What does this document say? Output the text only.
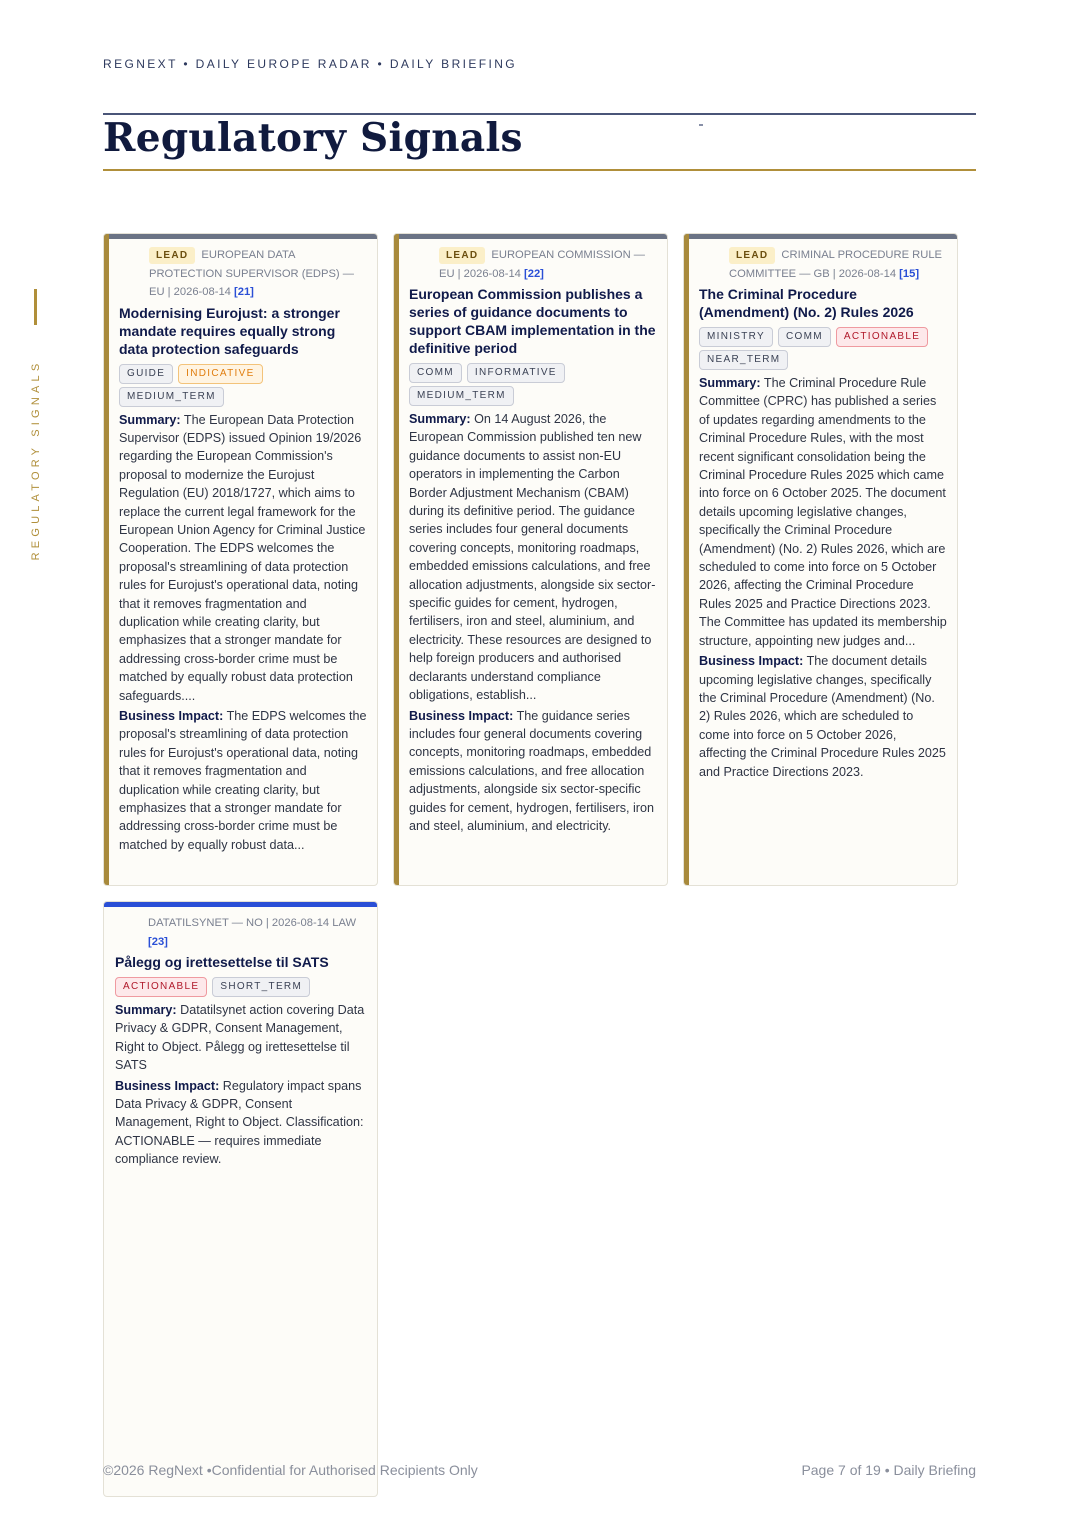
REGNEXT • DAILY EUROPE RADAR • DAILY BRIEFING
Regulatory Signals
REGULATORY SIGNALS
LEAD EUROPEAN DATA PROTECTION SUPERVISOR (EDPS) — EU | 2026-08-14 [21]
Modernising Eurojust: a stronger mandate requires equally strong data protection safeguards
GUIDE INDICATIVEMEDIUM_TERM
Summary: The European Data Protection Supervisor (EDPS) issued Opinion 19/2026 regarding the European Commission's proposal to modernize the Eurojust Regulation (EU) 2018/1727, which aims to replace the current legal framework for the European Union Agency for Criminal Justice Cooperation. The EDPS welcomes the proposal's streamlining of data protection rules for Eurojust's operational data, noting that it removes fragmentation and duplication while creating clarity, but emphasizes that a stronger mandate for addressing cross-border crime must be matched by equally robust data protection safeguards....
Business Impact: The EDPS welcomes the proposal's streamlining of data protection rules for Eurojust's operational data, noting that it removes fragmentation and duplication while creating clarity, but emphasizes that a stronger mandate for addressing cross-border crime must be matched by equally robust data...
LEAD EUROPEAN COMMISSION — EU | 2026-08-14 [22]
European Commission publishes a series of guidance documents to support CBAM implementation in the definitive period
COMM INFORMATIVEMEDIUM_TERM
Summary: On 14 August 2026, the European Commission published ten new guidance documents to assist non-EU operators in implementing the Carbon Border Adjustment Mechanism (CBAM) during its definitive period. The guidance series includes four general documents covering concepts, monitoring roadmaps, embedded emissions calculations, and free allocation adjustments, alongside six sector-specific guides for cement, hydrogen, fertilisers, iron and steel, aluminium, and electricity. These resources are designed to help foreign producers and authorised declarants understand compliance obligations, establish...
Business Impact: The guidance series includes four general documents covering concepts, monitoring roadmaps, embedded emissions calculations, and free allocation adjustments, alongside six sector-specific guides for cement, hydrogen, fertilisers, iron and steel, aluminium, and electricity.
LEAD CRIMINAL PROCEDURE RULE COMMITTEE — GB | 2026-08-14 [15]
The Criminal Procedure (Amendment) (No. 2) Rules 2026
MINISTRY COMM ACTIONABLENEAR_TERM
Summary: The Criminal Procedure Rule Committee (CPRC) has published a series of updates regarding amendments to the Criminal Procedure Rules, with the most recent significant consolidation being the Criminal Procedure Rules 2025 which came into force on 6 October 2025. The document details upcoming legislative changes, specifically the Criminal Procedure (Amendment) (No. 2) Rules 2026, which are scheduled to come into force on 5 October 2026, affecting the Criminal Procedure Rules 2025 and Practice Directions 2023. The Committee has updated its membership structure, appointing new judges and...
Business Impact: The document details upcoming legislative changes, specifically the Criminal Procedure (Amendment) (No. 2) Rules 2026, which are scheduled to come into force on 5 October 2026, affecting the Criminal Procedure Rules 2025 and Practice Directions 2023.
DATATILSYNET — NO | 2026-08-14 LAW [23]
Pålegg og irettesettelse til SATS
ACTIONABLE SHORT_TERM
Summary: Datatilsynet action covering Data Privacy & GDPR, Consent Management, Right to Object. Pålegg og irettesettelse til SATS
Business Impact: Regulatory impact spans Data Privacy & GDPR, Consent Management, Right to Object. Classification: ACTIONABLE — requires immediate compliance review.
©2026 RegNext •Confidential for Authorised Recipients Only	Page 7 of 19 • Daily Briefing
